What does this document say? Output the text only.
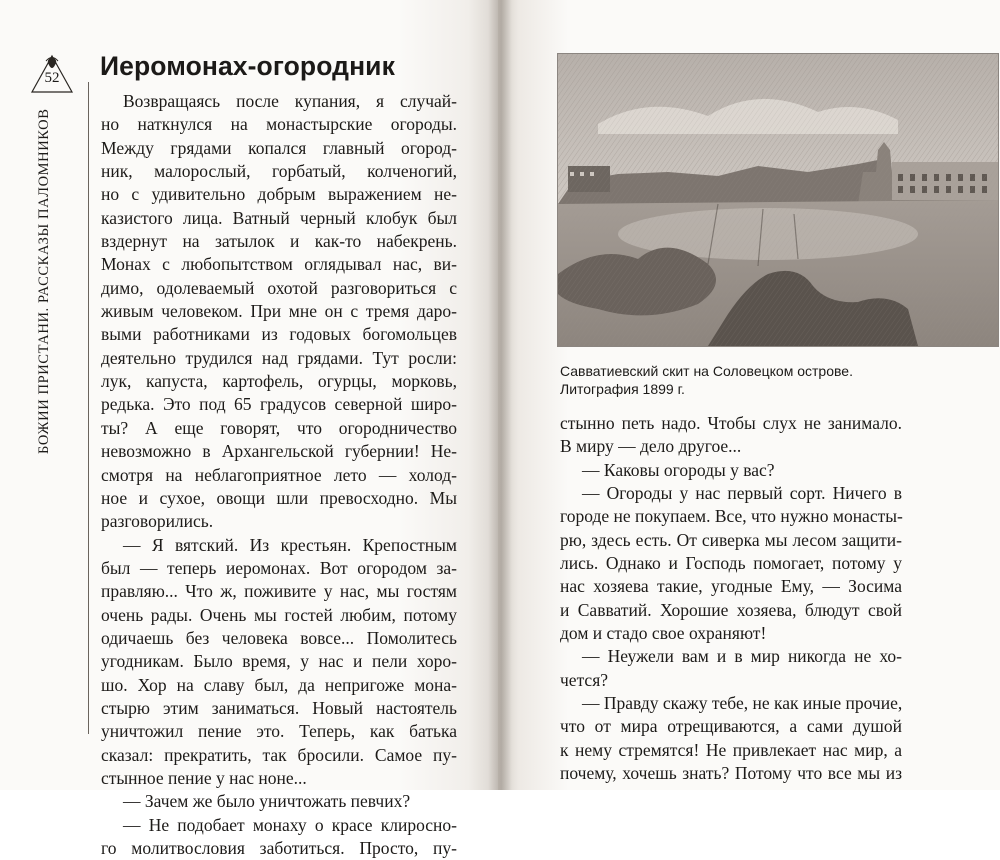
52
БОЖИИ ПРИСТАНИ. РАССКАЗЫ ПАЛОМНИКОВ
Иеромонах-огородник
Возвращаясь после купания, я случай-
но наткнулся на монастырские огороды.
Между грядами копался главный огород-
ник, малорослый, горбатый, колченогий,
но с удивительно добрым выражением не-
казистого лица. Ватный черный клобук был
вздернут на затылок и как-то набекрень.
Монах с любопытством оглядывал нас, ви-
димо, одолеваемый охотой разговориться с
живым человеком. При мне он с тремя даро-
выми работниками из годовых богомольцев
деятельно трудился над грядами. Тут росли:
лук, капуста, картофель, огурцы, морковь,
редька. Это под 65 градусов северной широ-
ты? А еще говорят, что огородничество
невозможно в Архангельской губернии! Не-
смотря на неблагоприятное лето — холод-
ное и сухое, овощи шли превосходно. Мы
разговорились.
— Я вятский. Из крестьян. Крепостным
был — теперь иеромонах. Вот огородом за-
правляю... Что ж, поживите у нас, мы гостям
очень рады. Очень мы гостей любим, потому
одичаешь без человека вовсе... Помолитесь
угодникам. Было время, у нас и пели хоро-
шо. Хор на славу был, да непригоже мона-
стырю этим заниматься. Новый настоятель
уничтожил пение это. Теперь, как батька
сказал: прекратить, так бросили. Самое пу-
стынное пение у нас ноне...
— Зачем же было уничтожать певчих?
— Не подобает монаху о красе клиросно-
го молитвословия заботиться. Просто, пу-
Савватиевский скит на Соловецком острове.
Литография 1899 г.
стынно петь надо. Чтобы слух не занимало.
В миру — дело другое...
— Каковы огороды у вас?
— Огороды у нас первый сорт. Ничего в
городе не покупаем. Все, что нужно монасты-
рю, здесь есть. От сиверка мы лесом защити-
лись. Однако и Господь помогает, потому у
нас хозяева такие, угодные Ему, — Зосима
и Савватий. Хорошие хозяева, блюдут свой
дом и стадо свое охраняют!
— Неужели вам и в мир никогда не хо-
чется?
— Правду скажу тебе, не как иные прочие,
что от мира отрещиваются, а сами душой
к нему стремятся! Не привлекает нас мир, а
почему, хочешь знать? Потому что все мы из
